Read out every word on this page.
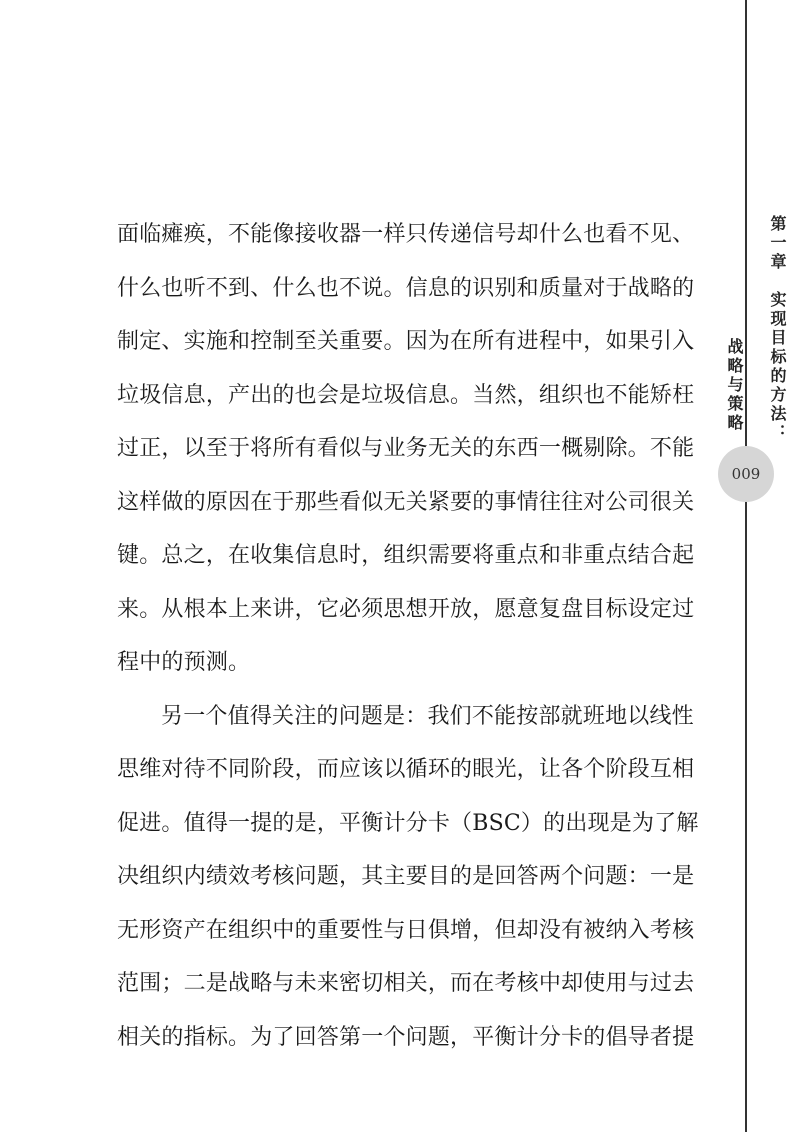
第一章　实现目标的方法：
战略与策略
009
面 临 瘫 痪 ， 不 能 像 接 收 器 一 样 只 传 递 信 号 却 什 么 也 看 不 见 、
什 么 也 听 不 到 、 什 么 也 不 说 。 信 息 的 识 别 和 质 量 对 于 战 略 的
制 定 、 实 施 和 控 制 至 关 重 要 。 因 为 在 所 有 进 程 中 ， 如 果 引 入
垃 圾 信 息 ， 产 出 的 也 会 是 垃 圾 信 息 。 当 然 ， 组 织 也 不 能 矫 枉
过 正 ， 以 至 于 将 所 有 看 似 与 业 务 无 关 的 东 西 一 概 剔 除 。 不 能
这 样 做 的 原 因 在 于 那 些 看 似 无 关 紧 要 的 事 情 往 往 对 公 司 很 关
键 。 总 之 ， 在 收 集 信 息 时 ， 组 织 需 要 将 重 点 和 非 重 点 结 合 起
来 。 从 根 本 上 来 讲 ， 它 必 须 思 想 开 放 ， 愿 意 复 盘 目 标 设 定 过
程 中 的 预 测 。
另 一 个 值 得 关 注 的 问 题 是 ： 我 们 不 能 按 部 就 班 地 以 线 性
思 维 对 待 不 同 阶 段 ， 而 应 该 以 循 环 的 眼 光 ， 让 各 个 阶 段 互 相
促 进 。 值 得 一 提 的 是 ， 平 衡 计 分 卡 （ BSC ） 的 出 现 是 为 了 解
决 组 织 内 绩 效 考 核 问 题 ， 其 主 要 目 的 是 回 答 两 个 问 题 ： 一 是
无 形 资 产 在 组 织 中 的 重 要 性 与 日 俱 增 ， 但 却 没 有 被 纳 入 考 核
范 围 ； 二 是 战 略 与 未 来 密 切 相 关 ， 而 在 考 核 中 却 使 用 与 过 去
相 关 的 指 标 。 为 了 回 答 第 一 个 问 题 ， 平 衡 计 分 卡 的 倡 导 者 提
